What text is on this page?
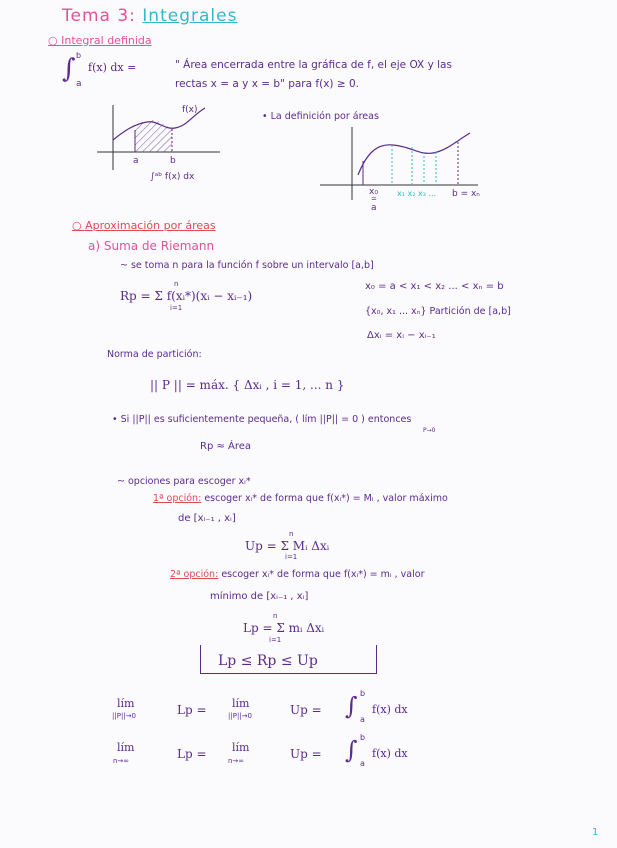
Tema 3: Integrales
○ Integral definida
∫ b
a
f(x) dx =	" Área encerrada entre la gráfica de f, el eje OX y las
rectas x = a y x = b" para f(x) ≥ 0.
f(x)
a	b
∫ᵃᵇ f(x) dx
• La definición por áreas
x₀
=
a
x₁ x₂ x₃ ... b = xₙ
○ Aproximación por áreas
a) Suma de Riemann
~ se toma n para la función f sobre un intervalo [a,b]
Rp = Σ f(xᵢ*)(xᵢ − xᵢ₋₁)
n
i=1
x₀ = a < x₁ < x₂ ... < xₙ = b
{x₀, x₁ ... xₙ} Partición de [a,b]
Δxᵢ = xᵢ − xᵢ₋₁
Norma de partición:
|| P || = máx. { Δxᵢ , i = 1, ... n }
• Si ||P|| es suficientemente pequeña, ( lím ||P|| = 0 ) entonces
P→0
Rp ≈ Área
~ opciones para escoger xᵢ*
1ª opción: escoger xᵢ* de forma que f(xᵢ*) = Mᵢ , valor máximo
de [xᵢ₋₁ , xᵢ]
Up = Σ Mᵢ Δxᵢ
n
i=1
2ª opción: escoger xᵢ* de forma que f(xᵢ*) = mᵢ , valor
mínimo de [xᵢ₋₁ , xᵢ]
Lp = Σ mᵢ Δxᵢ
n
i=1
Lp ≤ Rp ≤ Up
lím
||P||→0	Lp = lím
||P||→0	Up = ∫ b
a
f(x) dx
lím
n→∞	Lp = lím
n→∞	Up = ∫ b
a
f(x) dx
1
